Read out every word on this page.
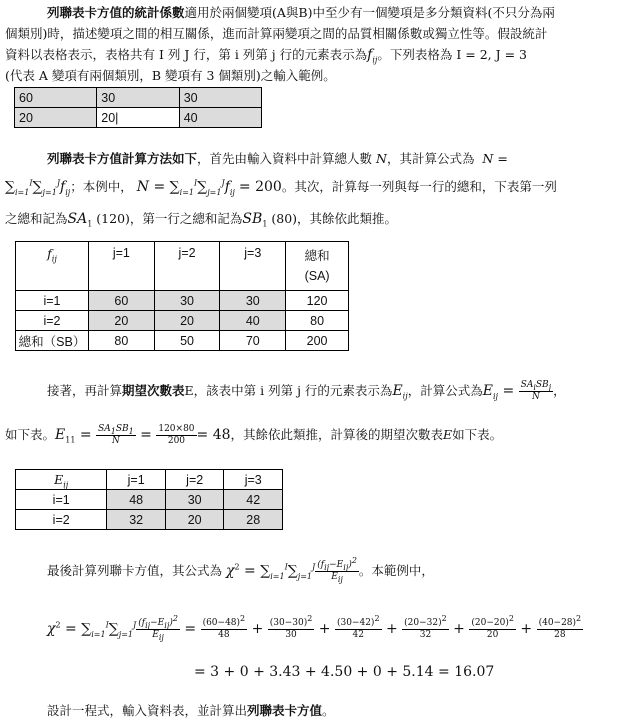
列聯表卡方值的統計係數適用於兩個變項(A與B)中至少有一個變項是多分類資料(不只分為兩
個類別)時，描述變項之間的相互關係，進而計算兩變項之間的品質相關係數或獨立性等。假設統計
資料以表格表示，表格共有 I 列 J 行，第 i 列第 j 行的元素表示為$f_{ij}$。下列表格為 I = 2, J = 3
(代表 A 變項有兩個類別，B 變項有 3 個類別)之輸入範例。
60	30	30
20	20|	40
列聯表卡方值計算方法如下，首先由輸入資料中計算總人數 N，其計算公式為 N =
$\sum_{i=1}^I\sum_{j=1}^Jf_{ij}$；本例中， $N = \sum_{i=1}^I\sum_{j=1}^Jf_{ij} = 200$。其次，計算每一列與每一行的總和，下表第一列
之總和記為$SA_1$ (120)，第一行之總和記為$SB_1$ (80)，其餘依此類推。
$f_{ij}$	j=1	j=2	j=3	總和
(SA)
i=1	60	30	30	120
i=2	20	20	40	80
總和（SB）	80	50	70	200
接著，再計算期望次數表E，該表中第 i 列第 j 行的元素表示為$E_{ij}$，計算公式為$E_{ij} = \frac{SA_iSB_j}{N}$ ，
如下表。$E_{11} = \frac{SA_1SB_1}{N} = \frac{120\times 80}{200} = 48$，其餘依此類推，計算後的期望次數表E如下表。
$E_{ij}$	j=1	j=2	j=3
i=1	48	30	42
i=2	32	20	28
最後計算列聯卡方值，其公式為 $\chi^2 = \sum_{i=1}^I\sum_{j=1}^J \frac{(f_{ij}-E_{ij})^2}{E_{ij}}$ 。本範例中，
$\chi^2 = \sum_{i=1}^I\sum_{j=1}^J \frac{(f_{ij}-E_{ij})^2}{E_{ij}} = \frac{(60-48)^2}{48} + \frac{(30-30)^2}{30} + \frac{(30-42)^2}{42} + \frac{(20-32)^2}{32} + \frac{(20-20)^2}{20} + \frac{(40-28)^2}{28}$
= 3 + 0 + 3.43 + 4.50 + 0 + 5.14 = 16.07
設計一程式，輸入資料表，並計算出列聯表卡方值。
